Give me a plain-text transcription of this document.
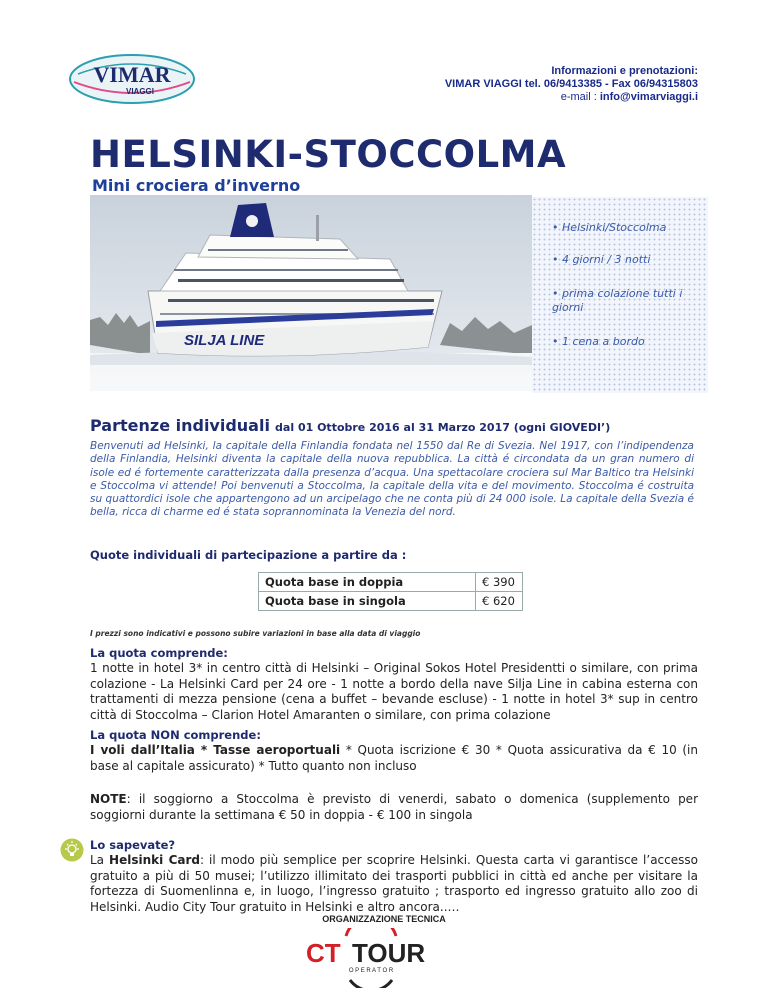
VIMAR
VIAGGI
Informazioni e prenotazioni:
VIMAR VIAGGI tel. 06/9413385 - Fax 06/94315803
e-mail : info@vimarviaggi.i
HELSINKI-STOCCOLMA
Mini crociera d’inverno
SILJA LINE
• Helsinki/Stoccolma
• 4 giorni / 3 notti
• prima colazione tutti i giorni
• 1 cena a bordo
Partenze individuali dal 01 Ottobre 2016 al 31 Marzo 2017 (ogni GIOVEDI’)
Benvenuti ad Helsinki, la capitale della Finlandia fondata nel 1550 dal Re di Svezia. Nel 1917, con l’indipendenza della Finlandia, Helsinki diventa la capitale della nuova repubblica. La città é circondata da un gran numero di isole ed é fortemente caratterizzata dalla presenza d’acqua. Una spettacolare crociera sul Mar Baltico tra Helsinki e Stoccolma vi attende! Poi benvenuti a Stoccolma, la capitale della vita e del movimento. Stoccolma é costruita su quattordici isole che appartengono ad un arcipelago che ne conta più di 24 000 isole. La capitale della Svezia é bella, ricca di charme ed é stata soprannominata la Venezia del nord.
Quote individuali di partecipazione a partire da :
Quota base in doppia	€ 390
Quota base in singola	€ 620
I prezzi sono indicativi e possono subire variazioni in base alla data di viaggio
La quota comprende:
1 notte in hotel 3* in centro città di Helsinki – Original Sokos Hotel Presidentti o similare, con prima colazione - La Helsinki Card per 24 ore - 1 notte a bordo della nave Silja Line in cabina esterna con trattamenti di mezza pensione (cena a buffet – bevande escluse) - 1 notte in hotel 3* sup in centro città di Stoccolma – Clarion Hotel Amaranten o similare, con prima colazione
La quota NON comprende:
I voli dall’Italia * Tasse aeroportuali * Quota iscrizione € 30 * Quota assicurativa da € 10 (in base al capitale assicurato) * Tutto quanto non incluso
NOTE: il soggiorno a Stoccolma è previsto di venerdi, sabato o domenica (supplemento per soggiorni durante la settimana € 50 in doppia - € 100 in singola
Lo sapevate?
La Helsinki Card: il modo più semplice per scoprire Helsinki. Questa carta vi garantisce l’accesso gratuito a più di 50 musei; l’utilizzo illimitato dei trasporti pubblici in città ed anche per visitare la fortezza di Suomenlinna e, in luogo, l’ingresso gratuito ; trasporto ed ingresso gratuito allo zoo di Helsinki. Audio City Tour gratuito in Helsinki e altro ancora..…
ORGANIZZAZIONE TECNICA
CT TOUR
O P E R A T O R
